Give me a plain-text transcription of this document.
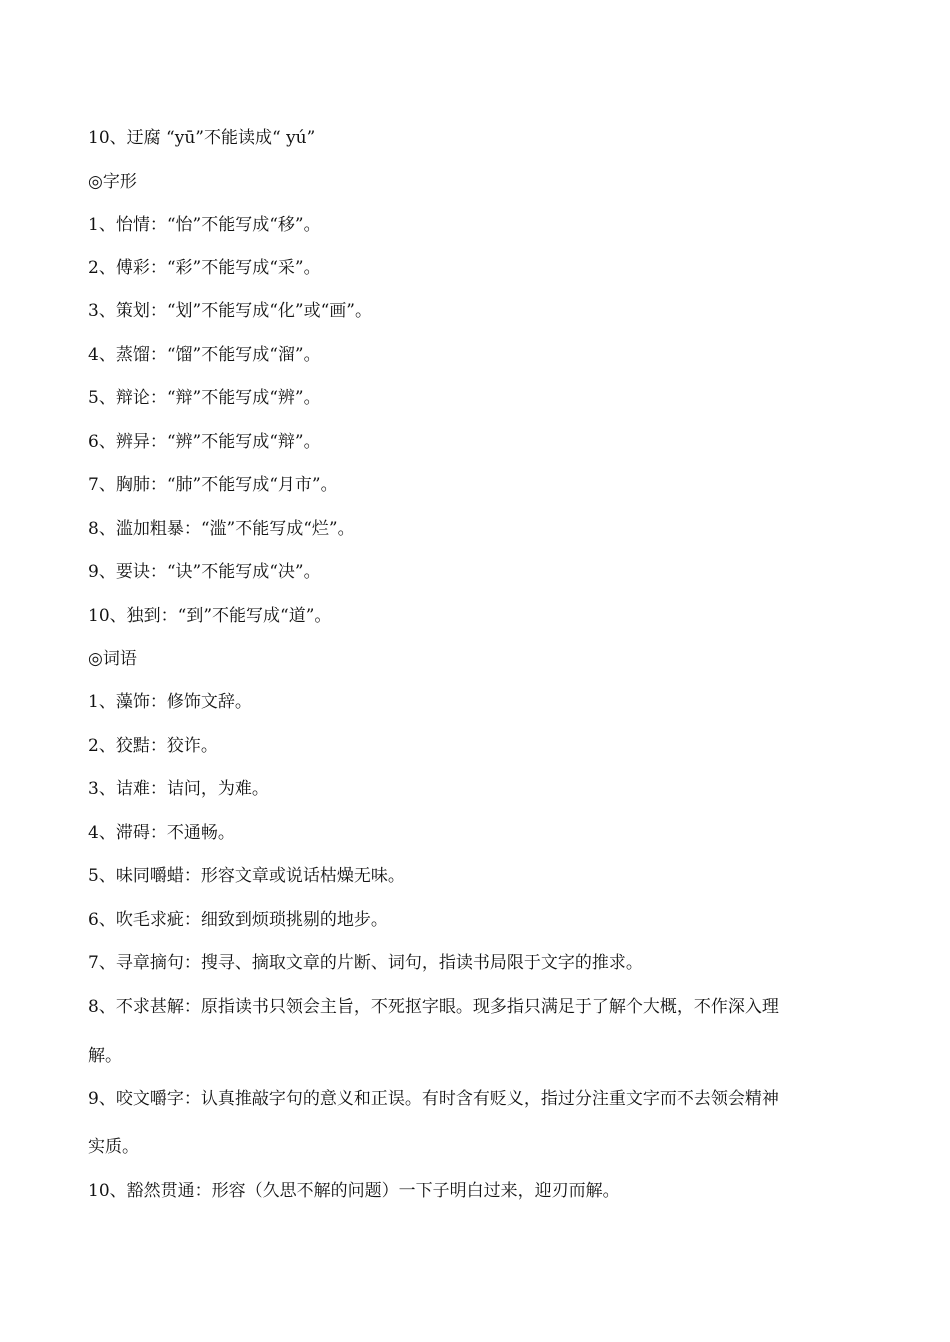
10、迂腐 “yū”不能读成“ yú”
◎字形
1、怡情：“怡”不能写成“移”。
2、傅彩：“彩”不能写成“采”。
3、策划：“划”不能写成“化”或“画”。
4、蒸馏：“馏”不能写成“溜”。
5、辩论：“辩”不能写成“辨”。
6、辨异：“辨”不能写成“辩”。
7、胸肺：“肺”不能写成“月市”。
8、滥加粗暴：“滥”不能写成“烂”。
9、要诀：“诀”不能写成“决”。
10、独到：“到”不能写成“道”。
◎词语
1、藻饰：修饰文辞。
2、狡黠：狡诈。
3、诘难：诘问，为难。
4、滞碍：不通畅。
5、味同嚼蜡：形容文章或说话枯燥无味。
6、吹毛求疵：细致到烦琐挑剔的地步。
7、寻章摘句：搜寻、摘取文章的片断、词句，指读书局限于文字的推求。
8、不求甚解：原指读书只领会主旨，不死抠字眼。现多指只满足于了解个大概，不作深入理
解。
9、咬文嚼字：认真推敲字句的意义和正误。有时含有贬义，指过分注重文字而不去领会精神
实质。
10、豁然贯通：形容（久思不解的问题）一下子明白过来，迎刃而解。
